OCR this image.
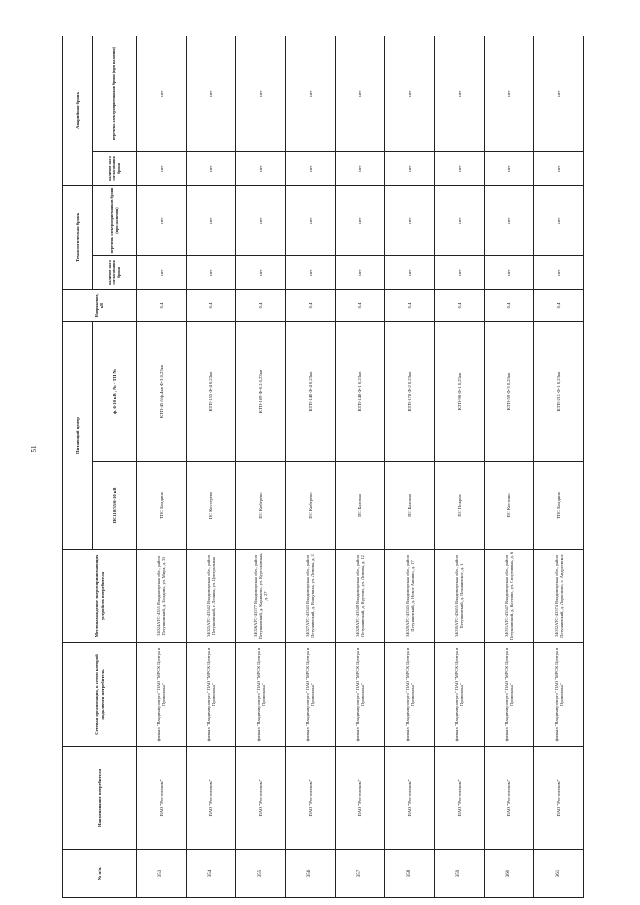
51
№ п/п.	Наименование потребителя	Сетевая организация, к сетям которой подключен потребитель	Местонахождение энергопринимающих устройств потребителя	Питающий центр		Напряжение, кВ	Технологическая бронь		Аварийная бронь	
				ПС110/35/6-10 кВ	ф. 6-10 кВ , № - ТП №		наличие акта согласования брони	перечень электроприемников брони (при наличии)	наличие акта согласования брони	перечень электроприемников брони (при наличии)
353	ПАО "Ростелеком"	филиал "Владимирэнерго" ПАО "МРСК Центра и Приволжья"	34024АТС-4355 Владимирская обл., район Петушинский, д. Болдино, ул. Мира, д. 35	ТПС Болдино	КТП-45 б/ф,4кв Ф-3 0,23кв	0,4	нет	нет	нет	нет
354	ПАО "Ростелеком"	филиал "Владимирэнерго" ПАО "МРСК Центра и Приволжья"	34025АТС-43542 Владимирская обл., район Петушинский, г. Ленина, ул. Центральная	ПС Костерево	КТП-155 Ф-4 0,23кв	0,4	нет	нет	нет	нет
355	ПАО "Ростелеком"	филиал "Владимирэнерго" ПАО "МРСК Центра и Приволжья"	34026АТС-43577 Владимирская обл., район Петушинский, д. Караваево, ул. Курголовская, д. 27	ПС Киберево	КТП-169 Ф-0.2 0,23кв	0,4	нет	нет	нет	нет
356	ПАО "Ростелеком"	филиал "Владимирэнерго" ПАО "МРСК Центра и Приволжья"	34027АТС-43543 Владимирская обл., район Петушинский, д. Вощупиха, ул. Ленина, д. 2	ПС Киберево	КТП-140 Ф-4 0,23кв	0,4	нет	нет	нет	нет
357	ПАО "Ростелеком"	филиал "Владимирэнерго" ПАО "МРСК Центра и Приволжья"	34028АТС-43548 Владимирская обл., район Петушинский, д. Крутово, ул. Ленина, д. 12	ПС Базовая	КТП-148 Ф-1 0,23кв	0,4	нет	нет	нет	нет
358	ПАО "Ростелеком"	филиал "Владимирэнерго" ПАО "МРСК Центра и Приволжья"	34029АТС-43545 Владимирская обл., район Петушинский, д. Новое Аннино, д. 17	ПС Базовая	КТП-178 Ф-2 0,23кв	0,4	нет	нет	нет	нет
359	ПАО "Ростелеком"	филиал "Владимирэнерго" ПАО "МРСК Центра и Приволжья"	34030АТС-43655 Владимирская обл., район Петушинский, д. Пекшинское, д. 1	ПС Покров	КТП-98 Ф-1 0,23кв	0,4	нет	нет	нет	нет
360	ПАО "Ростелеком"	филиал "Владимирэнерго" ПАО "МРСК Центра и Приволжья"	34031АТС-43547 Владимирская обл., район Петушинский, д. Костино, ул. Спортивная, д. 6	ПС Костино	КТП-59 Ф-3 0,23кв	0,4	нет	нет	нет	нет
361	ПАО "Ростелеком"	филиал "Владимирэнерго" ПАО "МРСК Центра и Приволжья"	34032АТС-43574 Владимирская обл., район Петушинский, д. Ларионово, с. Андреевское	ТПС Болдино	КТП-211 Ф-1 0,23кв	0,4	нет	нет	нет	нет
